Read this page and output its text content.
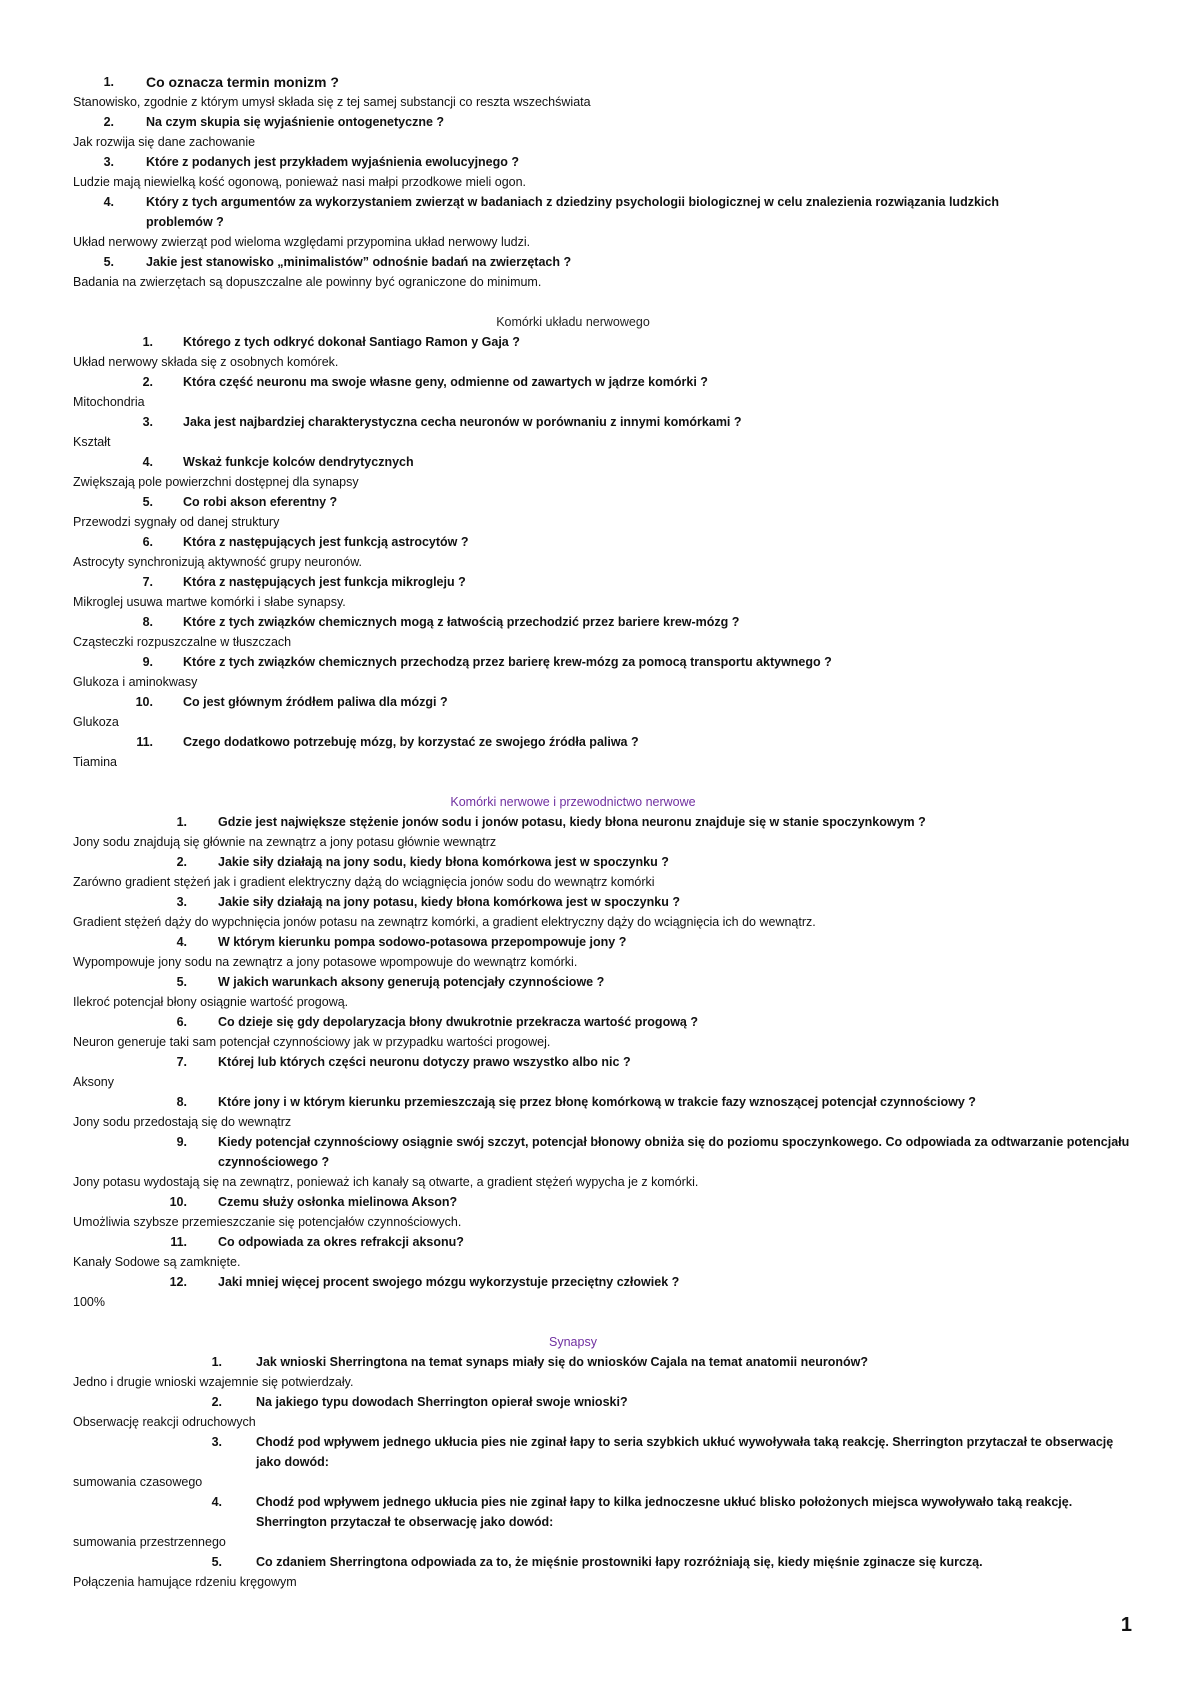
1. Co oznacza termin monizm ?
Stanowisko, zgodnie z którym umysł składa się z tej samej substancji co reszta wszechświata
2.	Na czym skupia się wyjaśnienie ontogenetyczne ?
Jak rozwija się dane zachowanie
3.	Które z podanych jest przykładem wyjaśnienia ewolucyjnego ?
Ludzie mają niewielką kość ogonową, ponieważ nasi małpi przodkowe mieli ogon.
4.	Który z tych argumentów za wykorzystaniem zwierząt w badaniach z dziedziny psychologii biologicznej w celu znalezienia rozwiązania ludzkich problemów ?
Układ nerwowy zwierząt pod wieloma względami przypomina układ nerwowy ludzi.
5.	Jakie jest stanowisko „minimalistów” odnośnie badań na zwierzętach ?
Badania na zwierzętach są dopuszczalne ale powinny być ograniczone do minimum.
Komórki układu nerwowego
1. Którego z tych odkryć dokonał Santiago Ramon y Gaja ?
Układ nerwowy składa się z osobnych komórek.
2. Która część neuronu ma swoje własne geny, odmienne od zawartych w jądrze komórki ?
Mitochondria
3. Jaka jest najbardziej charakterystyczna cecha neuronów w porównaniu z innymi komórkami ?
Kształt
4. Wskaż funkcje kolców dendrytycznych
Zwiększają pole powierzchni dostępnej dla synapsy
5. Co robi akson eferentny ?
Przewodzi sygnały od danej struktury
6. Która z następujących jest funkcją astrocytów ?
Astrocyty synchronizują aktywność grupy neuronów.
7. Która z następujących jest funkcja mikrogleju ?
Mikroglej usuwa martwe komórki i słabe synapsy.
8. Które z tych związków chemicznych mogą z łatwością przechodzić przez bariere krew-mózg ?
Cząsteczki rozpuszczalne w tłuszczach
9. Które z tych związków chemicznych przechodzą przez barierę krew-mózg za pomocą transportu aktywnego ?
Glukoza i aminokwasy
10. Co jest głównym źródłem paliwa dla mózgi ?
Glukoza
11. Czego dodatkowo potrzebuję mózg, by korzystać ze swojego źródła paliwa ?
Tiamina
Komórki nerwowe i przewodnictwo nerwowe
1. Gdzie jest największe stężenie jonów sodu i jonów potasu, kiedy błona neuronu znajduje się w stanie spoczynkowym ?
Jony sodu znajdują się głównie na zewnątrz a jony potasu głównie wewnątrz
2. Jakie siły działają na jony sodu, kiedy błona komórkowa jest w spoczynku ?
Zarówno gradient stężeń jak i gradient elektryczny dążą do wciągnięcia jonów sodu do wewnątrz komórki
3. Jakie siły działają na jony potasu, kiedy błona komórkowa jest w spoczynku ?
Gradient stężeń dąży do wypchnięcia jonów potasu na zewnątrz komórki, a gradient elektryczny dąży do wciągnięcia ich do wewnątrz.
4. W którym kierunku pompa sodowo-potasowa przepompowuje jony ?
Wypompowuje jony sodu na zewnątrz a jony potasowe wpompowuje do wewnątrz komórki.
5. W jakich warunkach aksony generują potencjały czynnościowe ?
Ilekroć potencjał błony osiągnie wartość progową.
6. Co dzieje się gdy depolaryzacja błony dwukrotnie przekracza wartość progową ?
Neuron generuje taki sam potencjał czynnościowy jak w przypadku wartości progowej.
7. Której lub których części neuronu dotyczy prawo wszystko albo nic ?
Aksony
8. Które jony i w którym kierunku przemieszczają się przez błonę komórkową w trakcie fazy wznoszącej potencjał czynnościowy ?
Jony sodu przedostają się do wewnątrz
9. Kiedy potencjał czynnościowy osiągnie swój szczyt, potencjał błonowy obniża się do poziomu spoczynkowego. Co odpowiada za odtwarzanie potencjału czynnościowego ?
Jony potasu wydostają się na zewnątrz, ponieważ ich kanały są otwarte, a gradient stężeń wypycha je z komórki.
10. Czemu służy osłonka mielinowa Akson?
Umożliwia szybsze przemieszczanie się potencjałów czynnościowych.
11. Co odpowiada za okres refrakcji aksonu?
Kanały Sodowe są zamknięte.
12. Jaki mniej więcej procent swojego mózgu wykorzystuje przeciętny człowiek ?
100%
Synapsy
1.	Jak wnioski Sherringtona na temat synaps miały się do wniosków Cajala na temat anatomii neuronów?
Jedno i drugie wnioski wzajemnie się potwierdzały.
2.	Na jakiego typu dowodach Sherrington opierał swoje wnioski?
Obserwację reakcji odruchowych
3.	Chodź pod wpływem jednego ukłucia pies nie zginał łapy to seria szybkich ukłuć wywoływała taką reakcję. Sherrington przytaczał te obserwację jako dowód:
sumowania czasowego
4.	Chodź pod wpływem jednego ukłucia pies nie zginał łapy to kilka jednoczesne ukłuć blisko położonych miejsca wywoływało taką reakcję. Sherrington przytaczał te obserwację jako dowód:
sumowania przestrzennego
5.	Co zdaniem Sherringtona odpowiada za to, że mięśnie prostowniki łapy rozróżniają się, kiedy mięśnie zginacze się kurczą.
Połączenia hamujące rdzeniu kręgowym
1
